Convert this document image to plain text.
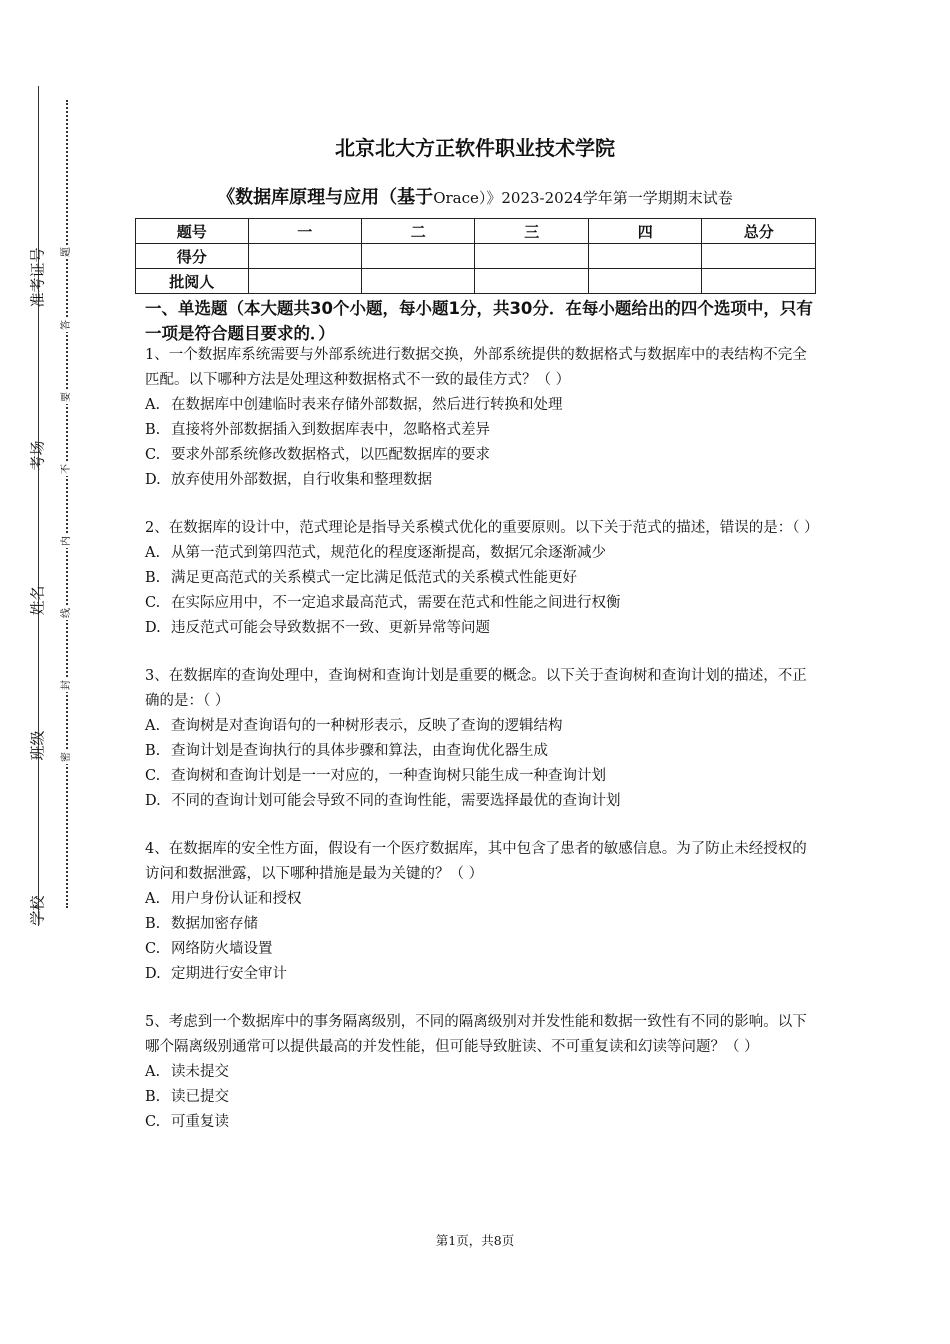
准考证号
考场
姓名
班级
学校
题
答
要
不
内
线
封
密
北京北大方正软件职业技术学院
《数据库原理与应用（基于Orace）》2023-2024学年第一学期期末试卷
题号	一	二	三	四	总分
得分					
批阅人					
一、单选题（本大题共30个小题，每小题1分，共30分．在每小题给出的四个选项中，只有一项是符合题目要求的．）
1、一个数据库系统需要与外部系统进行数据交换，外部系统提供的数据格式与数据库中的表结构不完全匹配。以下哪种方法是处理这种数据格式不一致的最佳方式？（ ）
A. 在数据库中创建临时表来存储外部数据，然后进行转换和处理
B. 直接将外部数据插入到数据库表中，忽略格式差异
C. 要求外部系统修改数据格式，以匹配数据库的要求
D. 放弃使用外部数据，自行收集和整理数据
2、在数据库的设计中，范式理论是指导关系模式优化的重要原则。以下关于范式的描述，错误的是：（ ）
A. 从第一范式到第四范式，规范化的程度逐渐提高，数据冗余逐渐减少
B. 满足更高范式的关系模式一定比满足低范式的关系模式性能更好
C. 在实际应用中，不一定追求最高范式，需要在范式和性能之间进行权衡
D. 违反范式可能会导致数据不一致、更新异常等问题
3、在数据库的查询处理中，查询树和查询计划是重要的概念。以下关于查询树和查询计划的描述，不正确的是：（ ）
A. 查询树是对查询语句的一种树形表示，反映了查询的逻辑结构
B. 查询计划是查询执行的具体步骤和算法，由查询优化器生成
C. 查询树和查询计划是一一对应的，一种查询树只能生成一种查询计划
D. 不同的查询计划可能会导致不同的查询性能，需要选择最优的查询计划
4、在数据库的安全性方面，假设有一个医疗数据库，其中包含了患者的敏感信息。为了防止未经授权的访问和数据泄露，以下哪种措施是最为关键的？（ ）
A. 用户身份认证和授权
B. 数据加密存储
C. 网络防火墙设置
D. 定期进行安全审计
5、考虑到一个数据库中的事务隔离级别，不同的隔离级别对并发性能和数据一致性有不同的影响。以下哪个隔离级别通常可以提供最高的并发性能，但可能导致脏读、不可重复读和幻读等问题？（ ）
A. 读未提交
B. 读已提交
C. 可重复读
第1页，共8页
